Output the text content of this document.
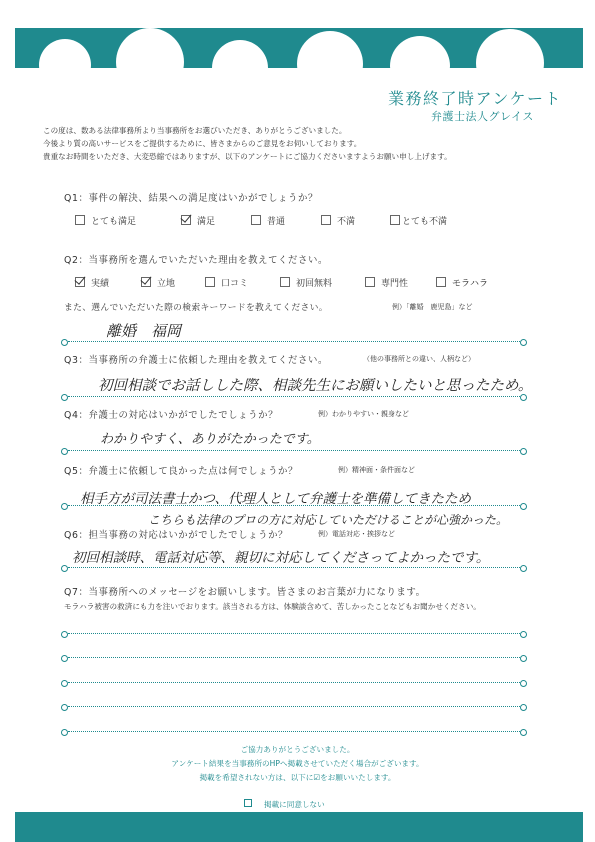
業務終了時アンケート
弁護士法人グレイス
この度は、数ある法律事務所より当事務所をお選びいただき、ありがとうございました。
今後より質の高いサービスをご提供するために、皆さまからのご意見をお伺いしております。
貴重なお時間をいただき、大変恐縮ではありますが、以下のアンケートにご協力くださいますようお願い申し上げます。
Q1：事件の解決、結果への満足度はいかがでしょうか？
とても満足	満足	普通	不満	とても不満
Q2：当事務所を選んでいただいた理由を教えてください。
実績	立地	口コミ	初回無料	専門性	モラハラ
また、選んでいただいた際の検索キーワードを教えてください。	例）「離婚　鹿児島」など
離婚　福岡
Q3：当事務所の弁護士に依頼した理由を教えてください。	（他の事務所との違い、人柄など）
初回相談でお話しした際、相談先生にお願いしたいと思ったため。
Q4：弁護士の対応はいかがでしたでしょうか？	例）わかりやすい・親身など
わかりやすく、ありがたかったです。
Q5：弁護士に依頼して良かった点は何でしょうか？	例）精神面・条件面など
相手方が司法書士かつ、代理人として弁護士を準備してきたため
こちらも法律のプロの方に対応していただけることが心強かった。
Q6：担当事務の対応はいかがでしたでしょうか？	例）電話対応・挨拶など
初回相談時、電話対応等、親切に対応してくださってよかったです。
Q7：当事務所へのメッセージをお願いします。皆さまのお言葉が力になります。
モラハラ被害の救済にも力を注いでおります。該当される方は、体験談含めて、苦しかったことなどもお聞かせください。
ご協力ありがとうございました。
アンケート結果を当事務所のHPへ掲載させていただく場合がございます。
掲載を希望されない方は、以下に☑をお願いいたします。
掲載に同意しない
